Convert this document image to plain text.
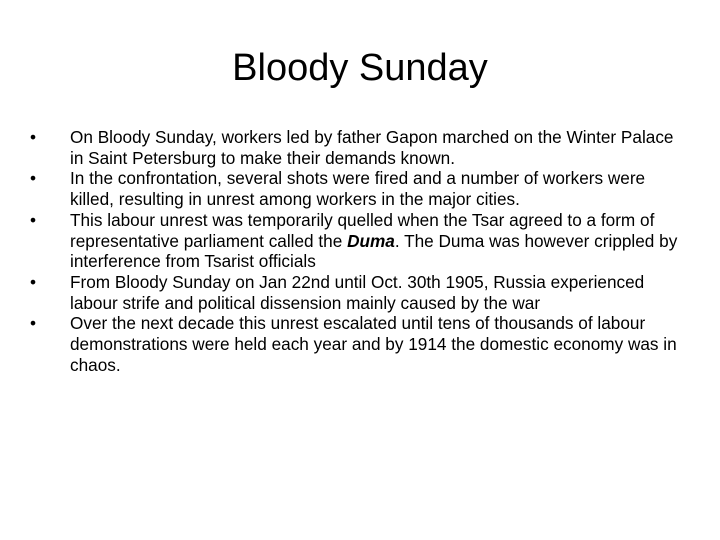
Bloody Sunday
•	On Bloody Sunday, workers led by father Gapon marched on the Winter Palace in Saint Petersburg to make their demands known.
•	In the confrontation, several shots were fired and a number of workers were killed, resulting in unrest among workers in the major cities.
•	This labour unrest was temporarily quelled when the Tsar agreed to a form of representative parliament called the Duma. The Duma was however crippled by interference from Tsarist officials
•	From Bloody Sunday on Jan 22nd until Oct. 30th 1905, Russia experienced labour strife and political dissension mainly caused by the war
•	Over the next decade this unrest escalated until tens of thousands of labour demonstrations were held each year and by 1914 the domestic economy was in chaos.
